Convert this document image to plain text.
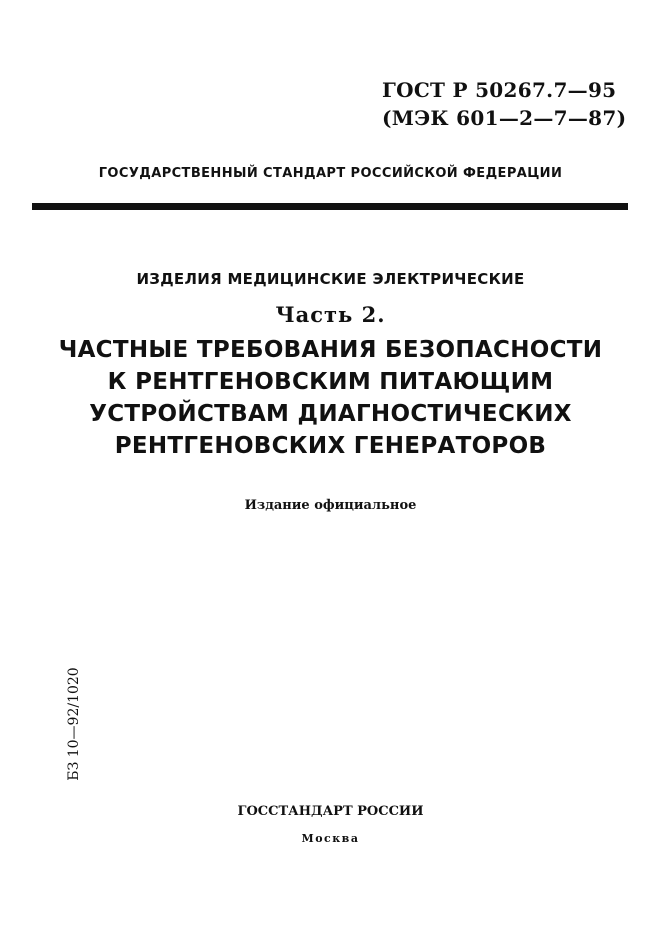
ГОСТ Р 50267.7—95
(МЭК 601—2—7—87)
ГОСУДАРСТВЕННЫЙ СТАНДАРТ РОССИЙСКОЙ ФЕДЕРАЦИИ
ИЗДЕЛИЯ МЕДИЦИНСКИЕ ЭЛЕКТРИЧЕСКИЕ
Часть 2.
ЧАСТНЫЕ ТРЕБОВАНИЯ БЕЗОПАСНОСТИ
К РЕНТГЕНОВСКИМ ПИТАЮЩИМ
УСТРОЙСТВАМ ДИАГНОСТИЧЕСКИХ
РЕНТГЕНОВСКИХ ГЕНЕРАТОРОВ
Издание официальное
БЗ 10—92/1020
ГОССТАНДАРТ РОССИИ
Москва
